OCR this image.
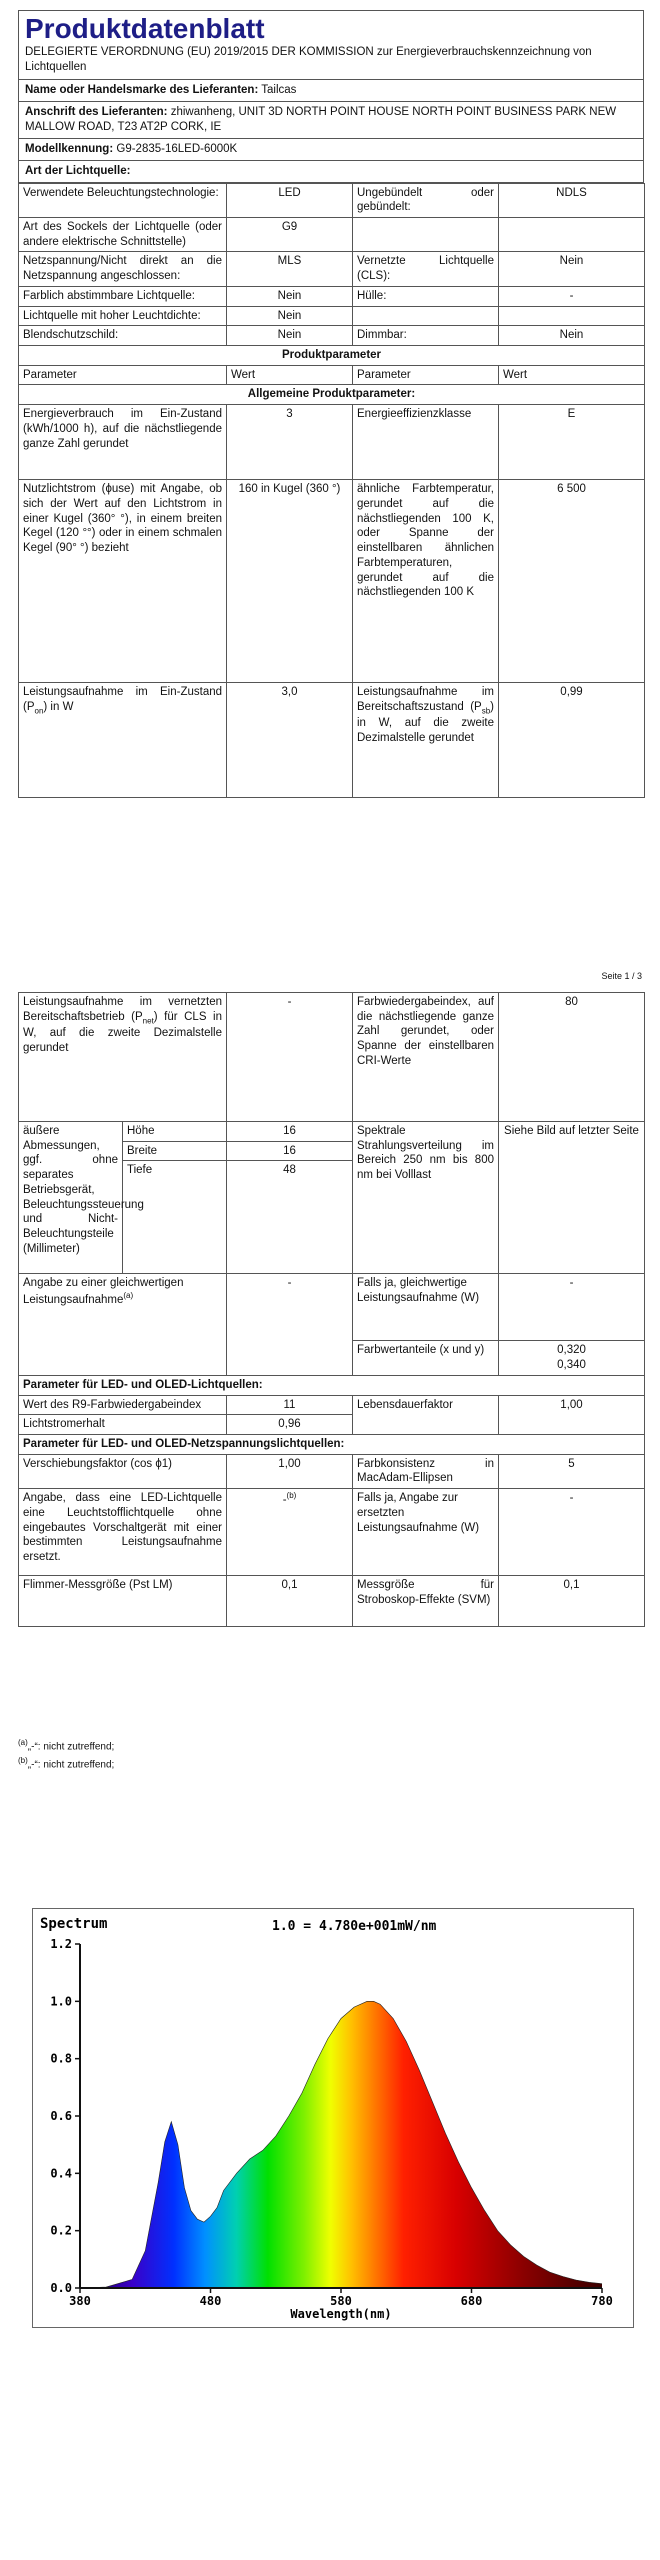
Produktdatenblatt
DELEGIERTE VERORDNUNG (EU) 2019/2015 DER KOMMISSION zur Energieverbrauchskennzeichnung von Lichtquellen
Name oder Handelsmarke des Lieferanten: Tailcas
Anschrift des Lieferanten: zhiwanheng, UNIT 3D NORTH POINT HOUSE NORTH POINT BUSINESS PARK NEW MALLOW ROAD, T23 AT2P CORK, IE
Modellkennung: G9-2835-16LED-6000K
Art der Lichtquelle:
Verwendete Beleuchtungstechnologie:	LED	Ungebündelt oder gebündelt:	NDLS
Art des Sockels der Lichtquelle (oder andere elektrische Schnittstelle)	G9		
Netzspannung/Nicht direkt an die Netzspannung angeschlossen:	MLS	Vernetzte Lichtquelle (CLS):	Nein
Farblich abstimmbare Lichtquelle:	Nein	Hülle:	-
Lichtquelle mit hoher Leuchtdichte:	Nein		
Blendschutzschild:	Nein	Dimmbar:	Nein
Produktparameter			
Parameter	Wert	Parameter	Wert
Allgemeine Produktparameter:			
Energieverbrauch im Ein-Zustand (kWh/1000 h), auf die nächstliegende ganze Zahl gerundet	3	Energieeffizienzklasse	E
Nutzlichtstrom (ϕuse) mit Angabe, ob sich der Wert auf den Lichtstrom in einer Kugel (360° °), in einem breiten Kegel (120 °°) oder in einem schmalen Kegel (90° °) bezieht	160 in Kugel (360 °)	ähnliche Farbtemperatur, gerundet auf die nächstliegenden 100 K, oder Spanne der einstellbaren ähnlichen Farbtemperaturen, gerundet auf die nächstliegenden 100 K	6 500
Leistungsaufnahme im Ein-Zustand $(P_{on})$ in W	3,0	Leistungsaufnahme im Bereitschaftszustand $(P_{sb})$ in W, auf die zweite Dezimalstelle gerundet	0,99
Seite 1 / 3
Leistungsaufnahme im vernetzten Bereitschaftsbetrieb $(P_{net})$ für CLS in W, auf die zweite Dezimalstelle gerundet		-	Farbwiedergabeindex, auf die nächstliegende ganze Zahl gerundet, oder Spanne der einstellbaren CRI-Werte	80
äußere Abmessungen, ggf. ohne separates Betriebsgerät, Beleuchtungssteuerung und Nicht-Beleuchtungsteile (Millimeter)	Höhe	16	Spektrale Strahlungsverteilung im Bereich 250 nm bis 800 nm bei Volllast	Siehe Bild auf letzter Seite
	Breite	16		
	Tiefe	48		
Angabe zu einer gleichwertigen Leistungsaufnahme$^{(a)}$		-	Falls ja, gleichwertige Leistungsaufnahme (W)	-
			Farbwertanteile (x und y)	0,320
0,340

Parameter für LED- und OLED-Lichtquellen:				
Wert des R9-Farbwiedergabeindex		11	Lebensdauerfaktor	1,00
Lichtstromerhalt		0,96		
Parameter für LED- und OLED-Netzspannungslichtquellen:				
Verschiebungsfaktor (cos ϕ1)		1,00	Farbkonsistenz in MacAdam-Ellipsen	5
Angabe, dass eine LED-Lichtquelle eine Leuchtstofflichtquelle ohne eingebautes Vorschaltgerät mit einer bestimmten Leistungsaufnahme ersetzt.		-$^{(b)}$	Falls ja, Angabe zur ersetzten Leistungsaufnahme (W)	-
Flimmer-Messgröße (Pst LM)		0,1	Messgröße für Stroboskop-Effekte (SVM)	0,1
$^{(a)}$„-“: nicht zutreffend;
$^{(b)}$„-“: nicht zutreffend;
Spectrum	1.0 = 4.780e+001mW/nm
0.0
0.2
0.4
0.6
0.8
1.0
1.2
380	480	580	680	780
Wavelength(nm)
